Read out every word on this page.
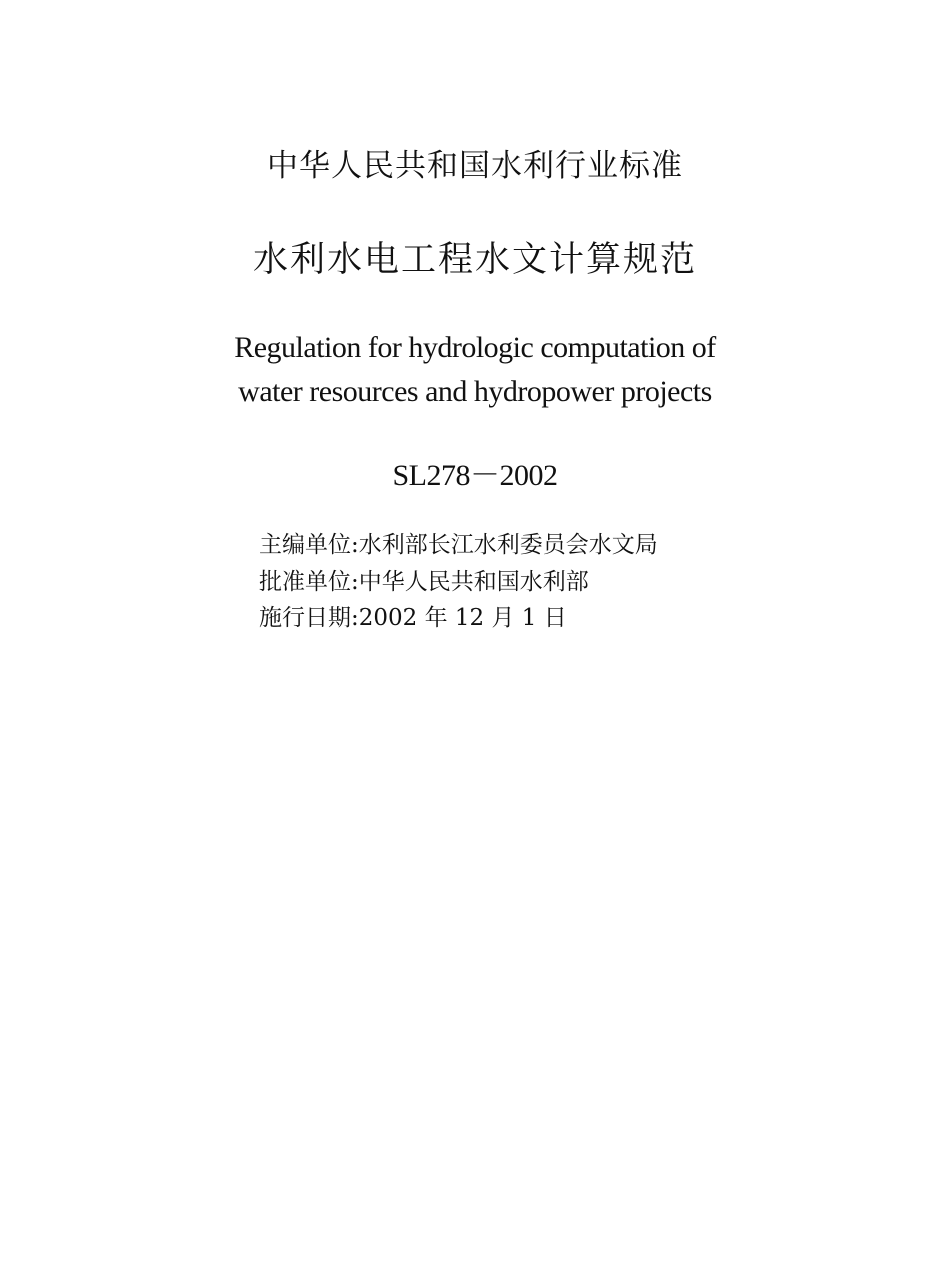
中华人民共和国水利行业标准
水利水电工程水文计算规范
Regulation for hydrologic computation of
water resources and hydropower projects
SL278－2002
主编单位:水利部长江水利委员会水文局
批准单位:中华人民共和国水利部
施行日期:2002 年 12 月 1 日
